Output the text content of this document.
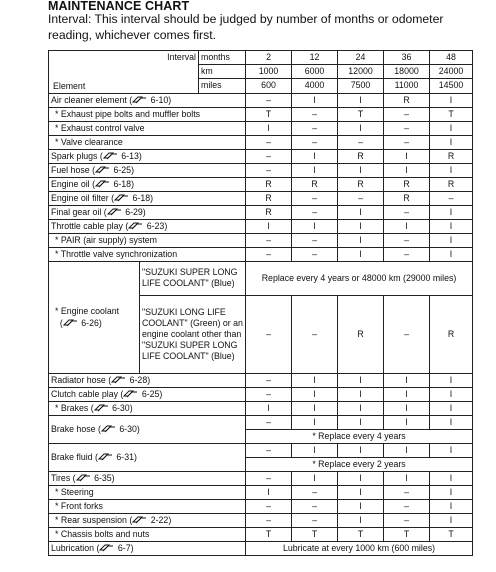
MAINTENANCE CHART
Interval: This interval should be judged by number of months or odometer reading, whichever comes first.
Interval		months	2	12	24	36	48
		km	1000	6000	12000	18000	24000
Element		miles	600	4000	7500	11000	14500
Air cleaner element ( 6-10)			–	I	I	R	I
* Exhaust pipe bolts and muffler bolts			T	–	T	–	T
* Exhaust control valve			I	–	I	–	I
* Valve clearance			–	–	–	–	I
Spark plugs ( 6-13)			–	I	R	I	R
Fuel hose ( 6-25)			–	I	I	I	I
Engine oil ( 6-18)			R	R	R	R	R
Engine oil filter ( 6-18)			R	–	–	R	–
Final gear oil ( 6-29)			R	–	I	–	I
Throttle cable play ( 6-23)			I	I	I	I	I
* PAIR (air supply) system			–	–	I	–	I
* Throttle valve synchronization			–	–	I	–	I
* Engine coolant
( 6-26)	"SUZUKI SUPER LONG LIFE COOLANT" (Blue)		Replace every 4 years or 48000 km (29000 miles)				
	"SUZUKI LONG LIFE COOLANT" (Green) or an engine coolant other than "SUZUKI SUPER LONG LIFE COOLANT" (Blue)		–	–	R	–	R
Radiator hose ( 6-28)			–	I	I	I	I
Clutch cable play ( 6-25)			–	I	I	I	I
* Brakes ( 6-30)			I	I	I	I	I
Brake hose ( 6-30)			–	I	I	I	I
			* Replace every 4 years				
Brake fluid ( 6-31)			–	I	I	I	I
			* Replace every 2 years				
Tires ( 6-35)			–	I	I	I	I
* Steering			I	–	I	–	I
* Front forks			–	–	I	–	I
* Rear suspension ( 2-22)			–	–	I	–	I
* Chassis bolts and nuts			T	T	T	T	T
Lubrication ( 6-7)			Lubricate at every 1000 km (600 miles)				
